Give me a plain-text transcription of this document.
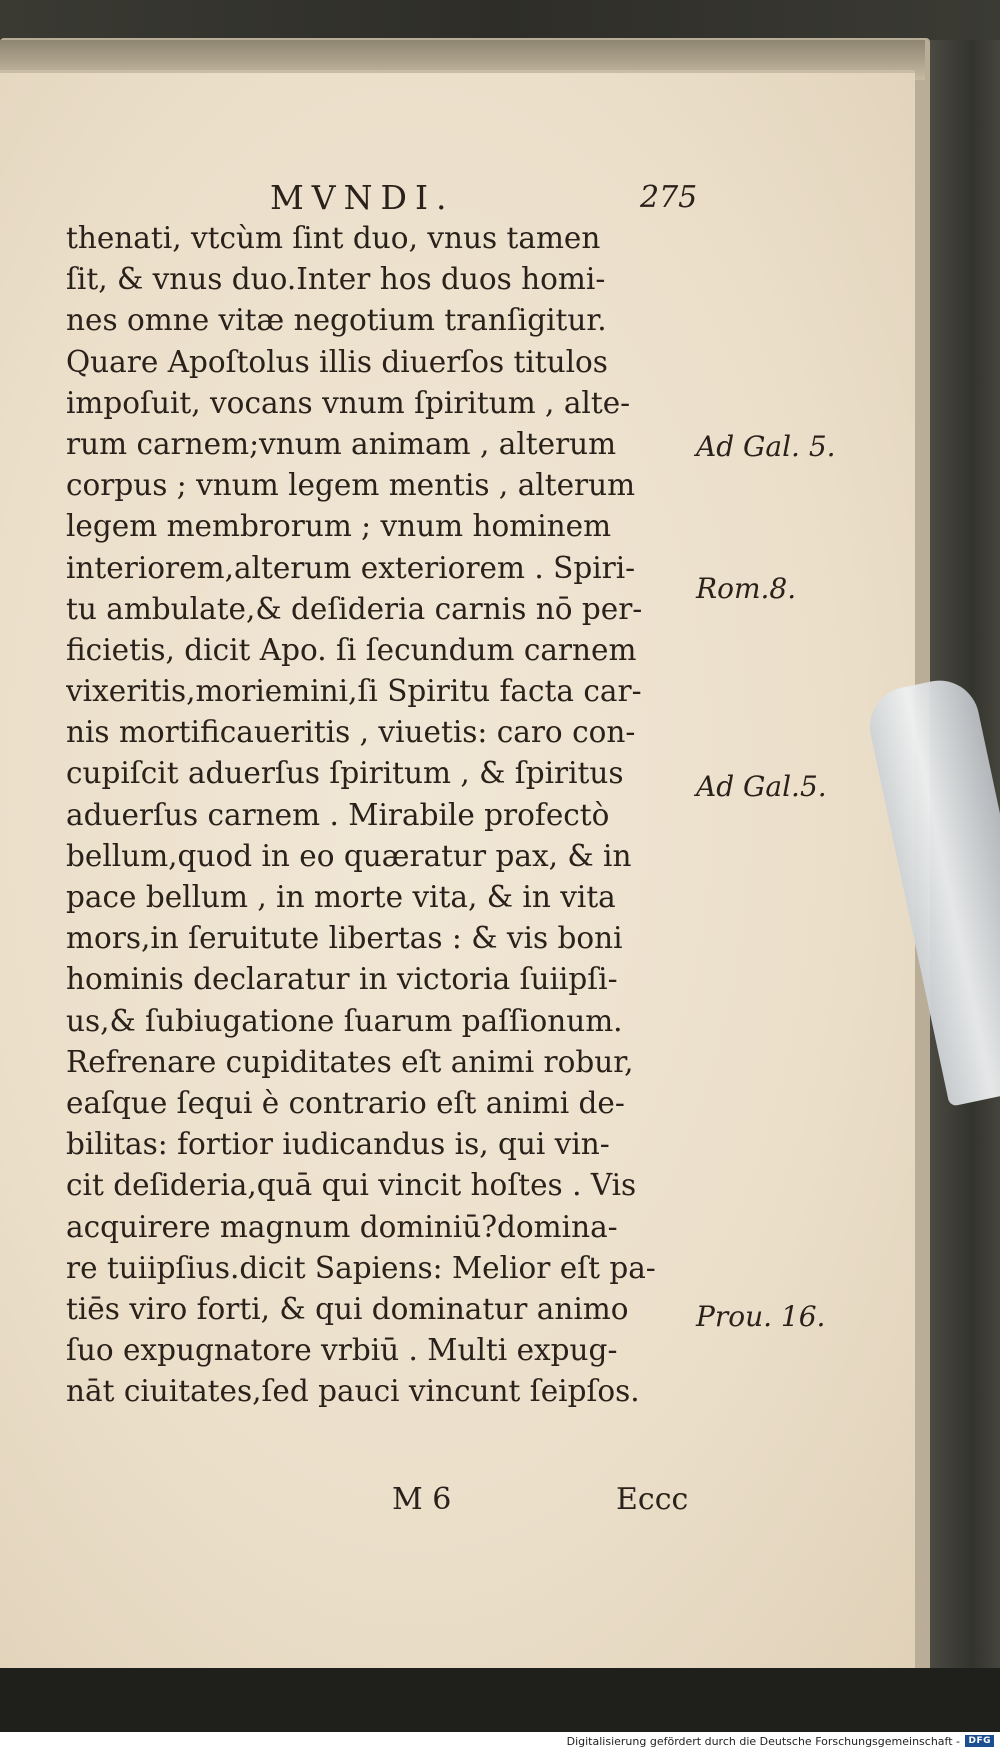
MVNDI.	275
thenati, vtcùm ſint duo, vnus tamen
ſit, & vnus duo.Inter hos duos homi-
nes omne vitæ negotium tranſigitur.
Quare Apoſtolus illis diuerſos titulos
impoſuit, vocans vnum ſpiritum , alte-
rum carnem;vnum animam , alterum
corpus ; vnum legem mentis , alterum
legem membrorum ; vnum hominem
interiorem,alterum exteriorem . Spiri-
tu ambulate,& deſideria carnis nō per-
ficietis, dicit Apo. ſi ſecundum carnem
vixeritis,moriemini,ſi Spiritu facta car-
nis mortificaueritis , viuetis: caro con-
cupiſcit aduerſus ſpiritum , & ſpiritus
aduerſus carnem . Mirabile profectò
bellum,quod in eo quæratur pax, & in
pace bellum , in morte vita, & in vita
mors,in ſeruitute libertas : & vis boni
hominis declaratur in victoria ſuiipſi-
us,& ſubiugatione ſuarum paſſionum.
Refrenare cupiditates eſt animi robur,
eaſque ſequi è contrario eſt animi de-
bilitas: fortior iudicandus is, qui vin-
cit deſideria,quā qui vincit hoſtes . Vis
acquirere magnum dominiū?domina-
re tuiipſius.dicit Sapiens: Melior eſt pa-
tiēs viro forti, & qui dominatur animo
ſuo expugnatore vrbiū . Multi expug-
nāt ciuitates,ſed pauci vincunt ſeipſos.
Ad Gal. 5.
Rom.8.
Ad Gal.5.
Prou. 16.
M 6	Eccc
Digitalisierung gefördert durch die Deutsche Forschungsgemeinschaft - DFG
